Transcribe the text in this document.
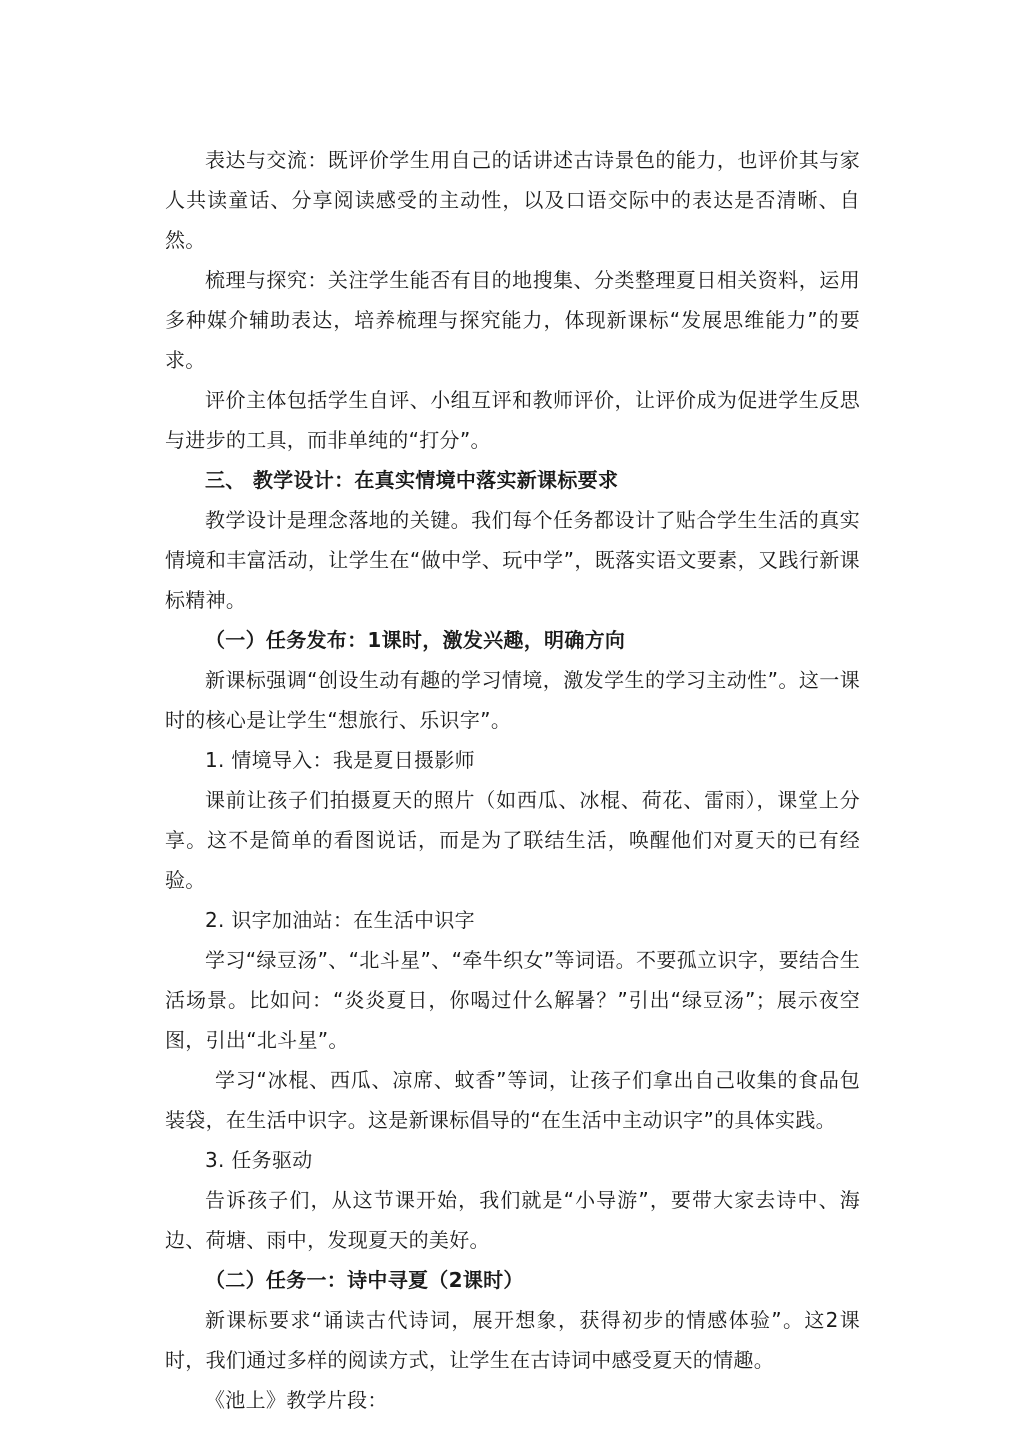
表达与交流：既评价学生用自己的话讲述古诗景色的能力，也评价其与家人共读童话、分享阅读感受的主动性，以及口语交际中的表达是否清晰、自然。

梳理与探究：关注学生能否有目的地搜集、分类整理夏日相关资料，运用多种媒介辅助表达，培养梳理与探究能力，体现新课标“发展思维能力”的要求。

评价主体包括学生自评、小组互评和教师评价，让评价成为促进学生反思与进步的工具，而非单纯的“打分”。

三、 教学设计：在真实情境中落实新课标要求

教学设计是理念落地的关键。我们每个任务都设计了贴合学生生活的真实情境和丰富活动，让学生在“做中学、玩中学”，既落实语文要素，又践行新课标精神。

（一）任务发布：1课时，激发兴趣，明确方向

新课标强调“创设生动有趣的学习情境，激发学生的学习主动性”。这一课时的核心是让学生“想旅行、乐识字”。

1. 情境导入：我是夏日摄影师

课前让孩子们拍摄夏天的照片（如西瓜、冰棍、荷花、雷雨），课堂上分享。这不是简单的看图说话，而是为了联结生活，唤醒他们对夏天的已有经验。

2. 识字加油站：在生活中识字

学习“绿豆汤”、“北斗星”、“牵牛织女”等词语。不要孤立识字，要结合生活场景。比如问：“炎炎夏日，你喝过什么解暑？”引出“绿豆汤”；展示夜空图，引出“北斗星”。

学习“冰棍、西瓜、凉席、蚊香”等词，让孩子们拿出自己收集的食品包装袋，在生活中识字。这是新课标倡导的“在生活中主动识字”的具体实践。

3. 任务驱动

告诉孩子们，从这节课开始，我们就是“小导游”，要带大家去诗中、海边、荷塘、雨中，发现夏天的美好。

（二）任务一：诗中寻夏（2课时）

新课标要求“诵读古代诗词，展开想象，获得初步的情感体验”。这2课时，我们通过多样的阅读方式，让学生在古诗词中感受夏天的情趣。

《池上》教学片段：
